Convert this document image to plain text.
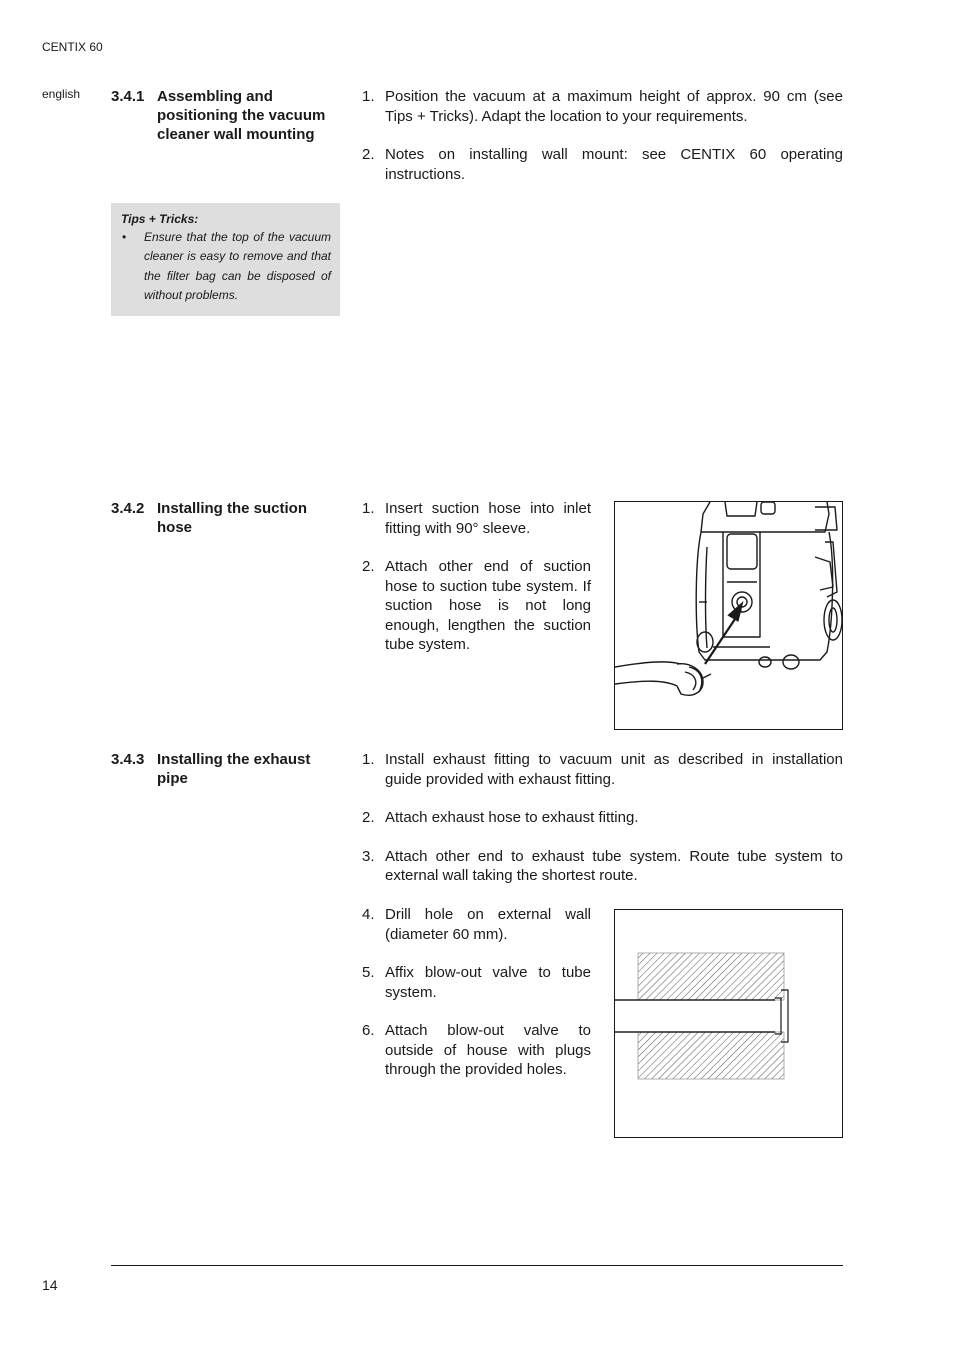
CENTIX 60
english 3.4.1 Assembling and positioning the vacuum cleaner wall mounting
1. Position the vacuum at a maximum height of approx. 90 cm (see Tips + Tricks). Adapt the location to your requirements.
2. Notes on installing wall mount: see CENTIX 60 operating instructions.
Tips + Tricks:
• Ensure that the top of the vacuum cleaner is easy to remove and that the filter bag can be disposed of without problems.
3.4.2 Installing the suction hose
1. Insert suction hose into inlet fitting with 90° sleeve.
2. Attach other end of suction hose to suction tube system. If suction hose is not long enough, lengthen the suction tube system.
3.4.3 Installing the exhaust pipe
1. Install exhaust fitting to vacuum unit as described in installation guide provided with exhaust fitting.
2. Attach exhaust hose to exhaust fitting.
3. Attach other end to exhaust tube system. Route tube system to external wall taking the shortest route.
4. Drill hole on external wall (diameter 60 mm).
5. Affix blow-out valve to tube system.
6. Attach blow-out valve to outside of house with plugs through the provided holes.
14
